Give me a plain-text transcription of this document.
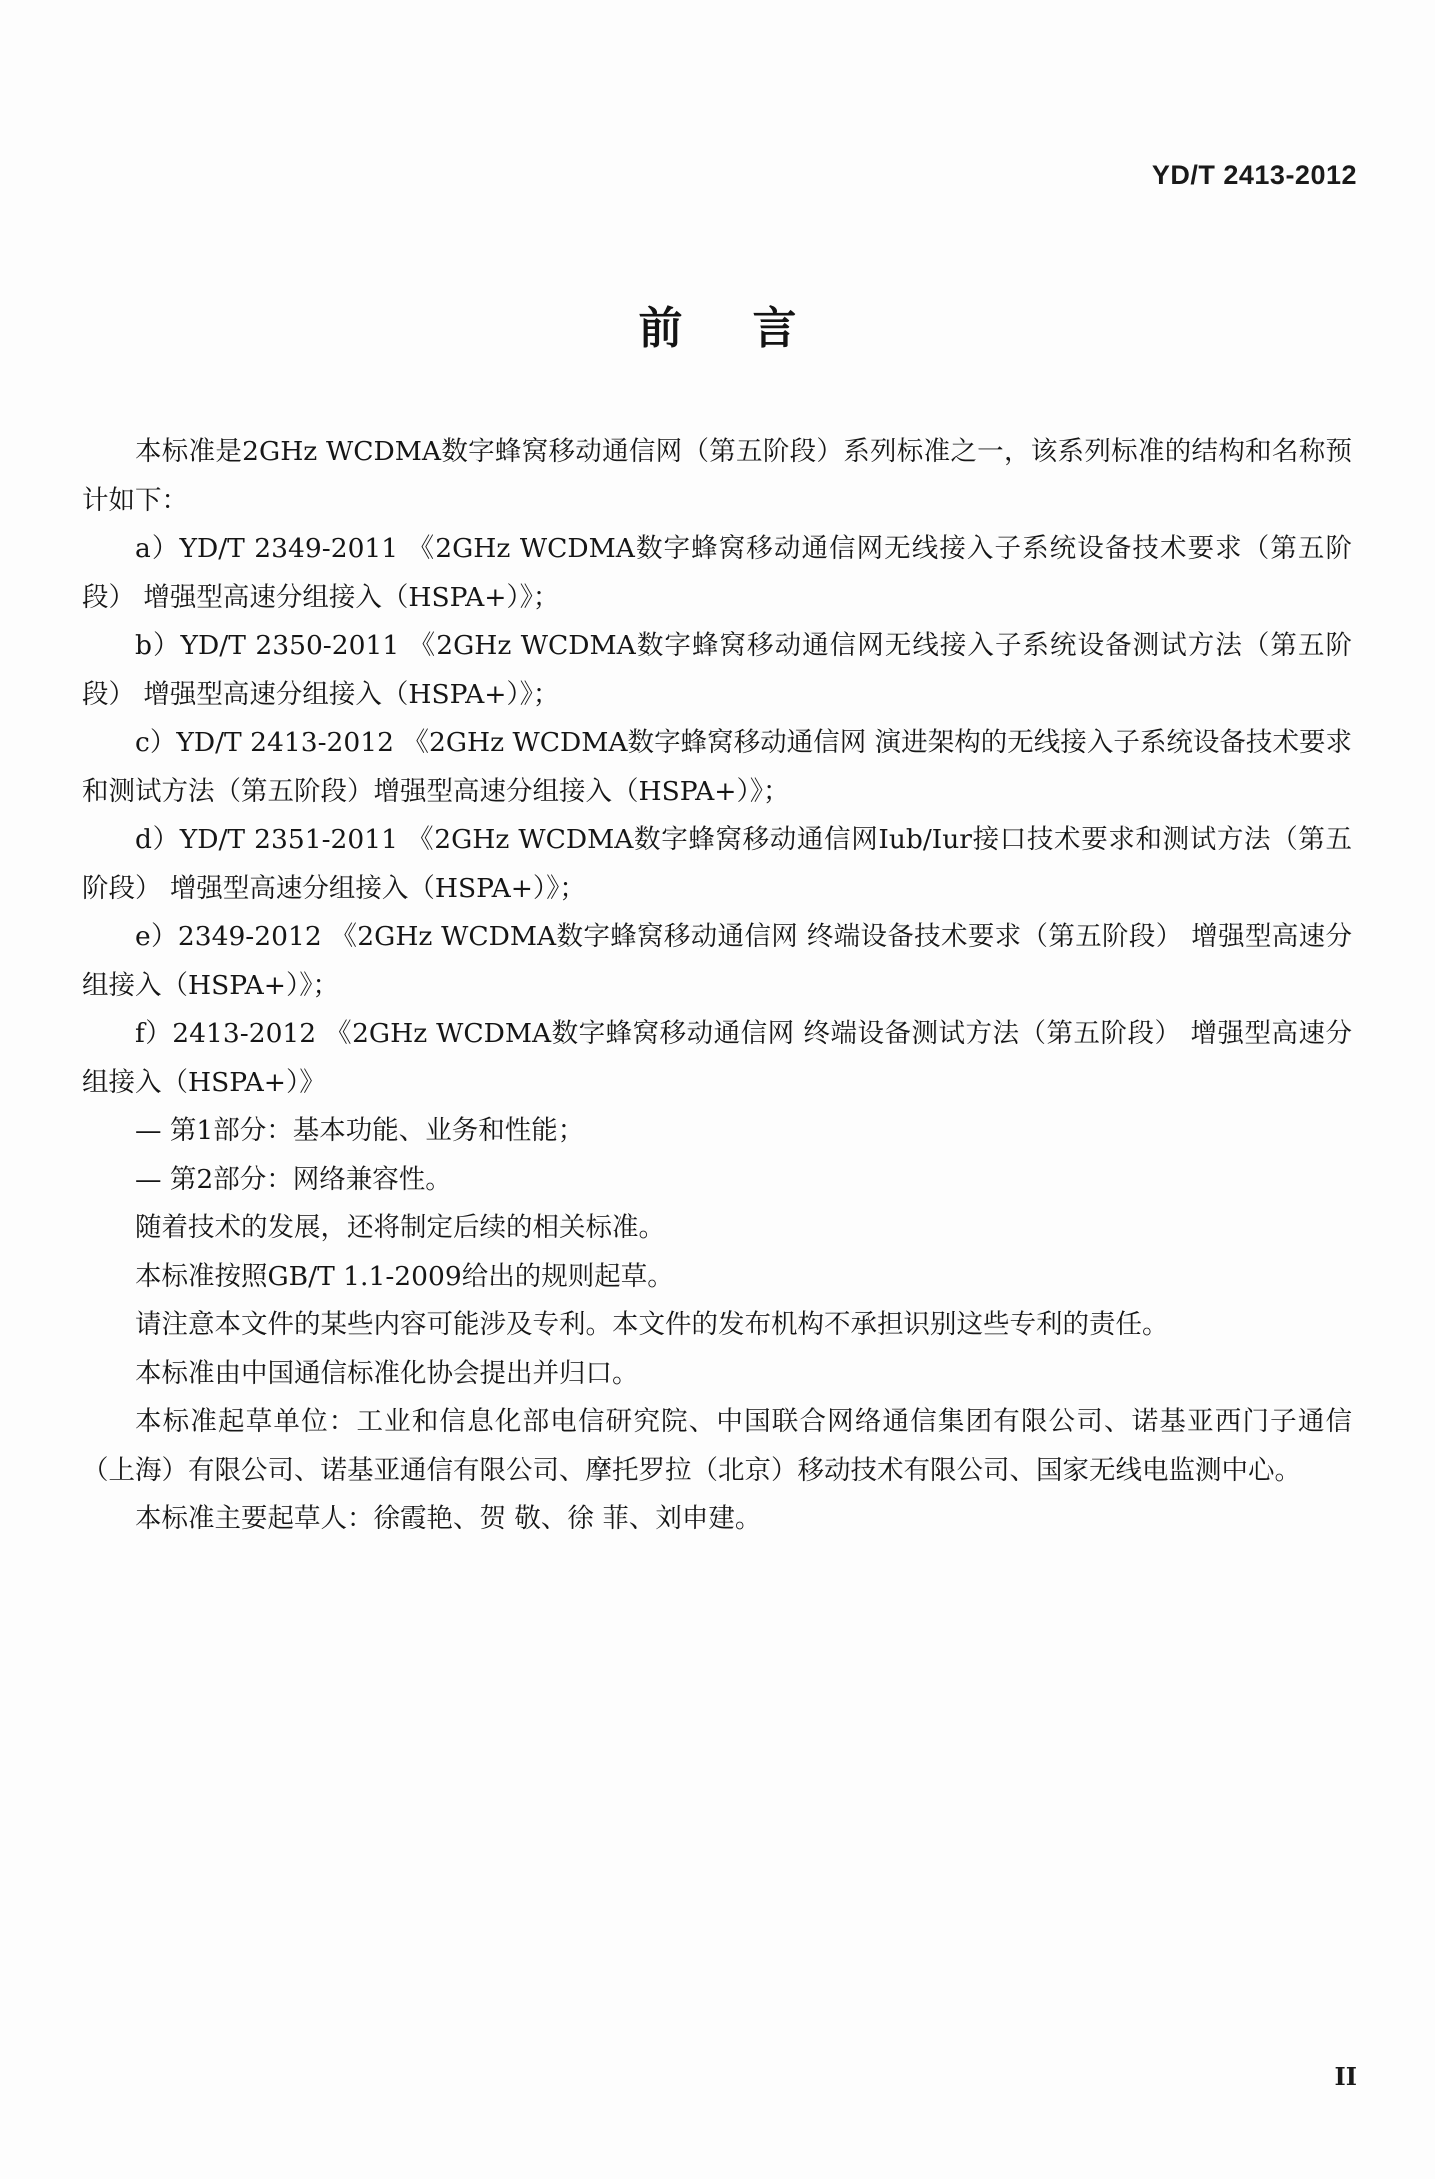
YD/T 2413-2012
前言

本标准是2GHz WCDMA数字蜂窝移动通信网（第五阶段）系列标准之一，该系列标准的结构和名称预计如下：

a）YD/T 2349-2011 《2GHz WCDMA数字蜂窝移动通信网无线接入子系统设备技术要求（第五阶段） 增强型高速分组接入（HSPA+）》；

b）YD/T 2350-2011 《2GHz WCDMA数字蜂窝移动通信网无线接入子系统设备测试方法（第五阶段） 增强型高速分组接入（HSPA+）》；

c）YD/T 2413-2012 《2GHz WCDMA数字蜂窝移动通信网 演进架构的无线接入子系统设备技术要求和测试方法（第五阶段）增强型高速分组接入（HSPA+）》；

d）YD/T 2351-2011 《2GHz WCDMA数字蜂窝移动通信网Iub/Iur接口技术要求和测试方法（第五阶段） 增强型高速分组接入（HSPA+）》；

e）2349-2012 《2GHz WCDMA数字蜂窝移动通信网 终端设备技术要求（第五阶段） 增强型高速分组接入（HSPA+）》；

f）2413-2012 《2GHz WCDMA数字蜂窝移动通信网 终端设备测试方法（第五阶段） 增强型高速分组接入（HSPA+）》

— 第1部分：基本功能、业务和性能；

— 第2部分：网络兼容性。

随着技术的发展，还将制定后续的相关标准。

本标准按照GB/T 1.1-2009给出的规则起草。

请注意本文件的某些内容可能涉及专利。本文件的发布机构不承担识别这些专利的责任。

本标准由中国通信标准化协会提出并归口。

本标准起草单位：工业和信息化部电信研究院、中国联合网络通信集团有限公司、诺基亚西门子通信（上海）有限公司、诺基亚通信有限公司、摩托罗拉（北京）移动技术有限公司、国家无线电监测中心。

本标准主要起草人：徐霞艳、贺 敬、徐 菲、刘申建。

II
